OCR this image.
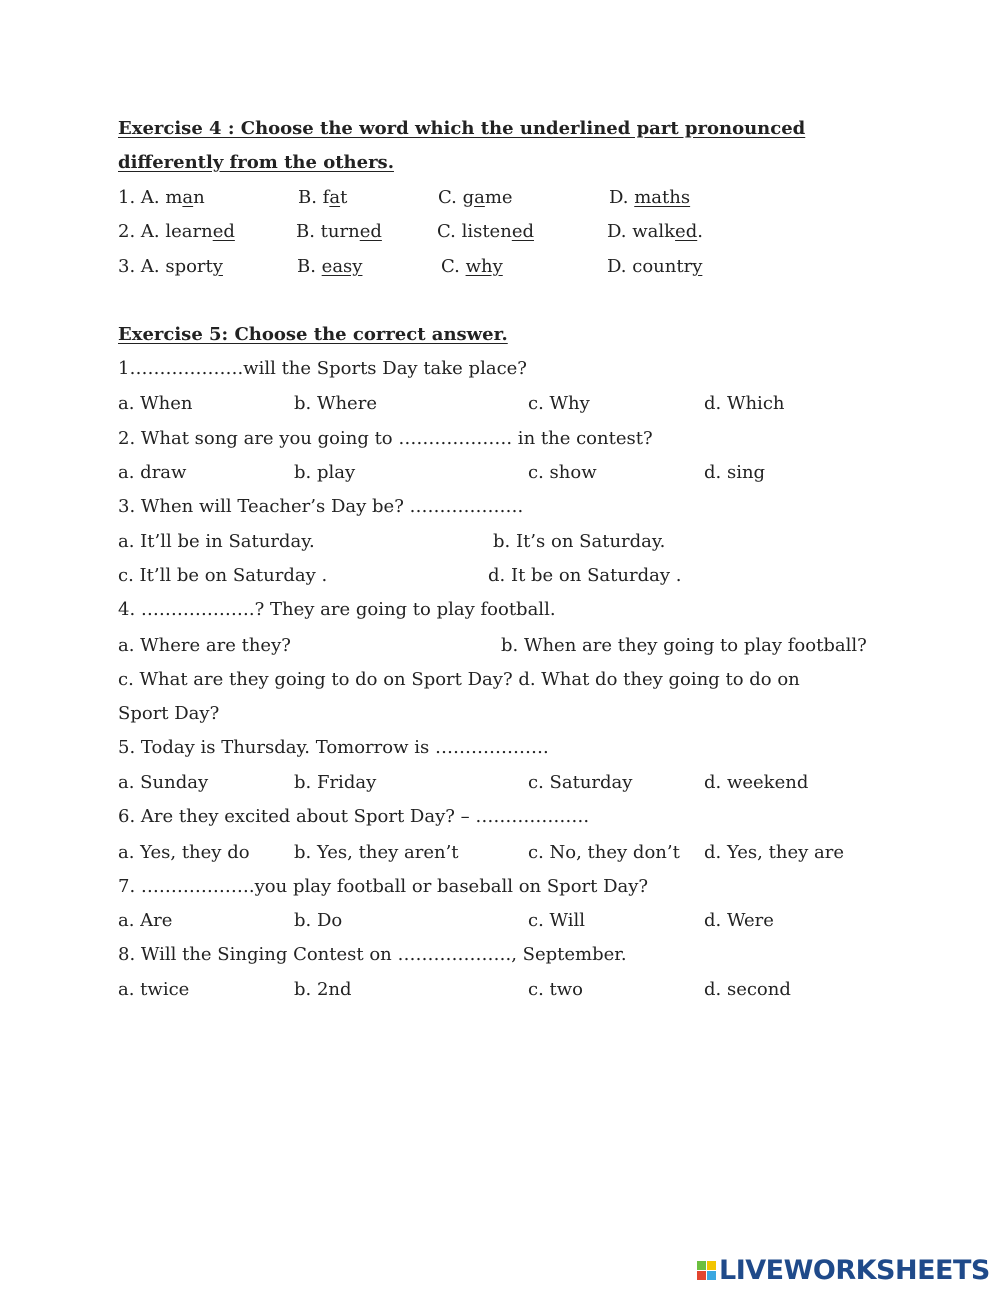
Exercise 4 : Choose the word which the underlined part pronounced
differently from the others.
1. A. man	B. fat	C. game	D. maths
2. A. learned	B. turned	C. listened	D. walked.
3. A. sporty	B. easy	C. why	D. country
Exercise 5: Choose the correct answer.
1……………….will the Sports Day take place?
a. When	b. Where	c. Why	d. Which
2. What song are you going to ………………. in the contest?
a. draw	b. play	c. show	d. sing
3. When will Teacher’s Day be? ……………….
a. It’ll be in Saturday.	b. It’s on Saturday.
c. It’ll be on Saturday .	d. It be on Saturday .
4. ……………….? They are going to play football.
a. Where are they?	b. When are they going to play football?
c. What are they going to do on Sport Day? d. What do they going to do on
Sport Day?
5. Today is Thursday. Tomorrow is ……………….
a. Sunday	b. Friday	c. Saturday	d. weekend
6. Are they excited about Sport Day? – ……………….
a. Yes, they do b. Yes, they aren’t	c. No, they don’t d. Yes, they are
7. ……………….you play football or baseball on Sport Day?
a. Are	b. Do	c. Will	d. Were
8. Will the Singing Contest on ………………., September.
a. twice	b. 2nd	c. two	d. second
LIVEWORKSHEETS
